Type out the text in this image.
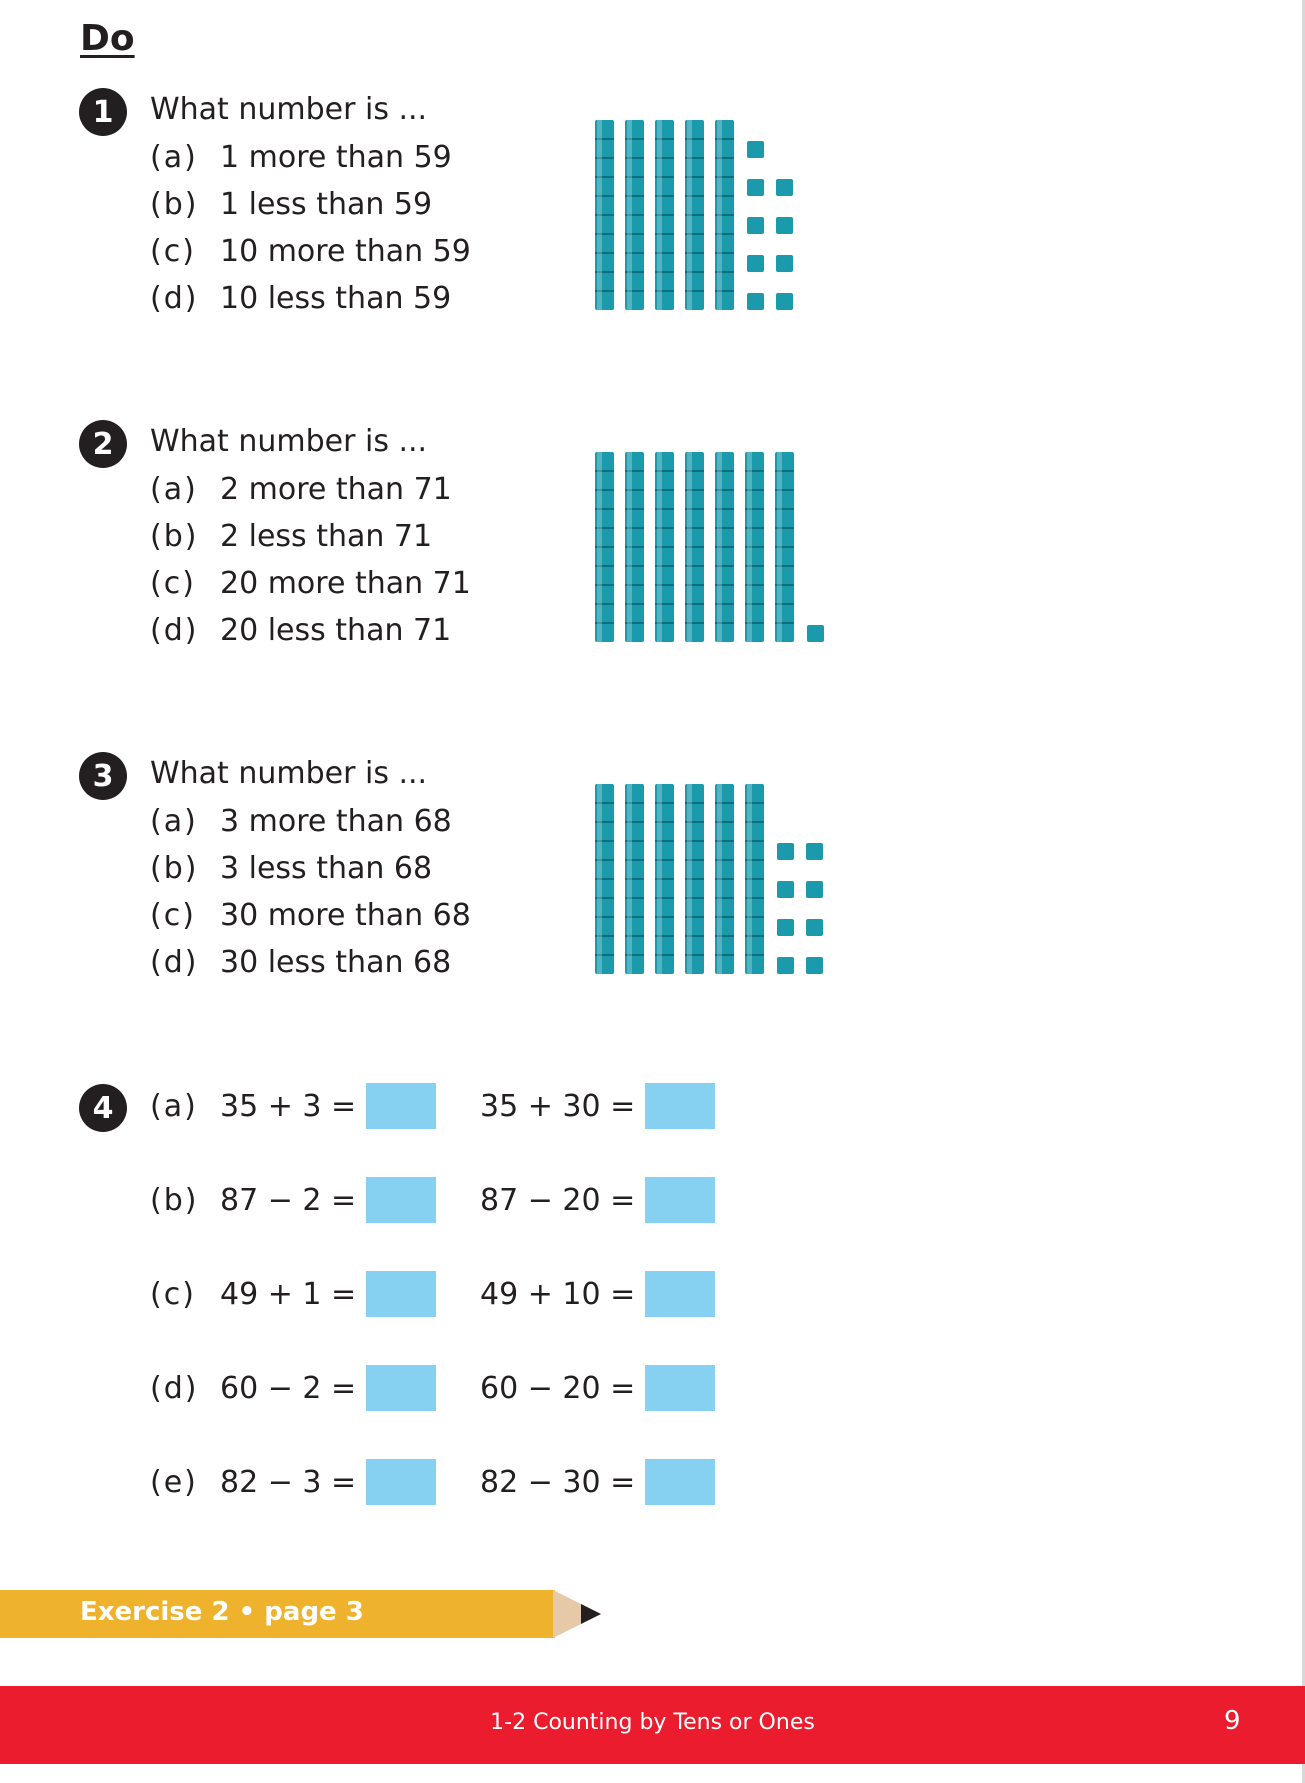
Do
1	What number is ...
(a) 1 more than 59
(b) 1 less than 59
(c) 10 more than 59
(d) 10 less than 59
2	What number is ...
(a) 2 more than 71
(b) 2 less than 71
(c) 20 more than 71
(d) 20 less than 71
3	What number is ...
(a) 3 more than 68
(b) 3 less than 68
(c) 30 more than 68
(d) 30 less than 68
4	(a) 35 + 3 =	35 + 30 =
(b) 87 − 2 =	87 − 20 =
(c) 49 + 1 =	49 + 10 =
(d) 60 − 2 =	60 − 20 =
(e) 82 − 3 =	82 − 30 =
Exercise 2 • page 3
1-2 Counting by Tens or Ones	9
